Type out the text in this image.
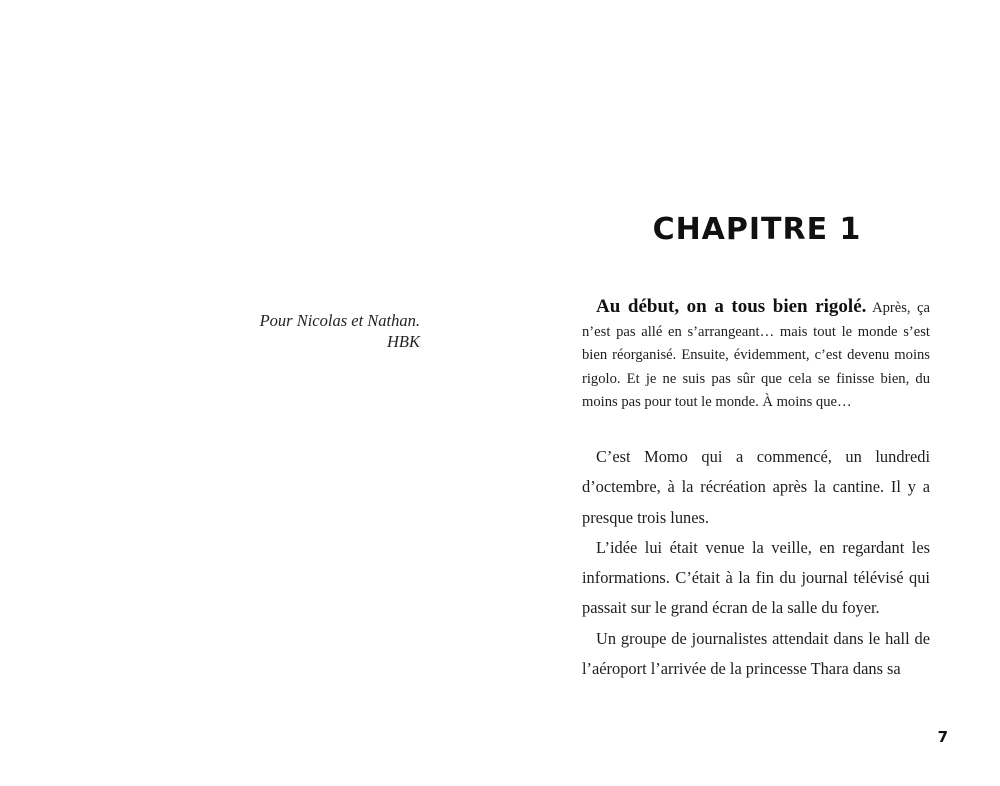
Pour Nicolas et Nathan.
HBK
CHAPITRE 1

Au début, on a tous bien rigolé. Après, ça n’est pas allé en s’arrangeant… mais tout le monde s’est bien réorganisé. Ensuite, évidemment, c’est devenu moins rigolo. Et je ne suis pas sûr que cela se finisse bien, du moins pas pour tout le monde. À moins que…

C’est Momo qui a commencé, un lundredi d’octembre, à la récréation après la cantine. Il y a presque trois lunes.

L’idée lui était venue la veille, en regardant les informations. C’était à la fin du journal télévisé qui passait sur le grand écran de la salle du foyer.

Un groupe de journalistes attendait dans le hall de l’aéroport l’arrivée de la princesse Thara dans sa

7
